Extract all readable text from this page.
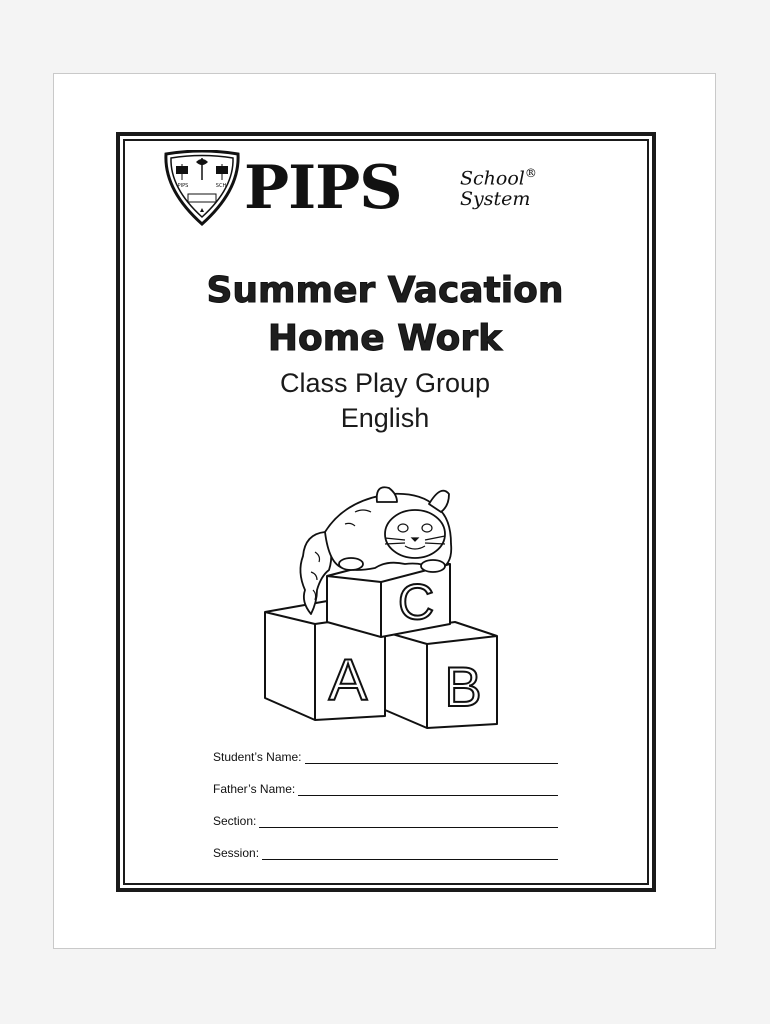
PIPS	SCH PIPS	School®
System
Summer Vacation
Home Work
Class Play Group
English
A B
C
Student’s Name:
Father’s Name:
Section:
Session:
